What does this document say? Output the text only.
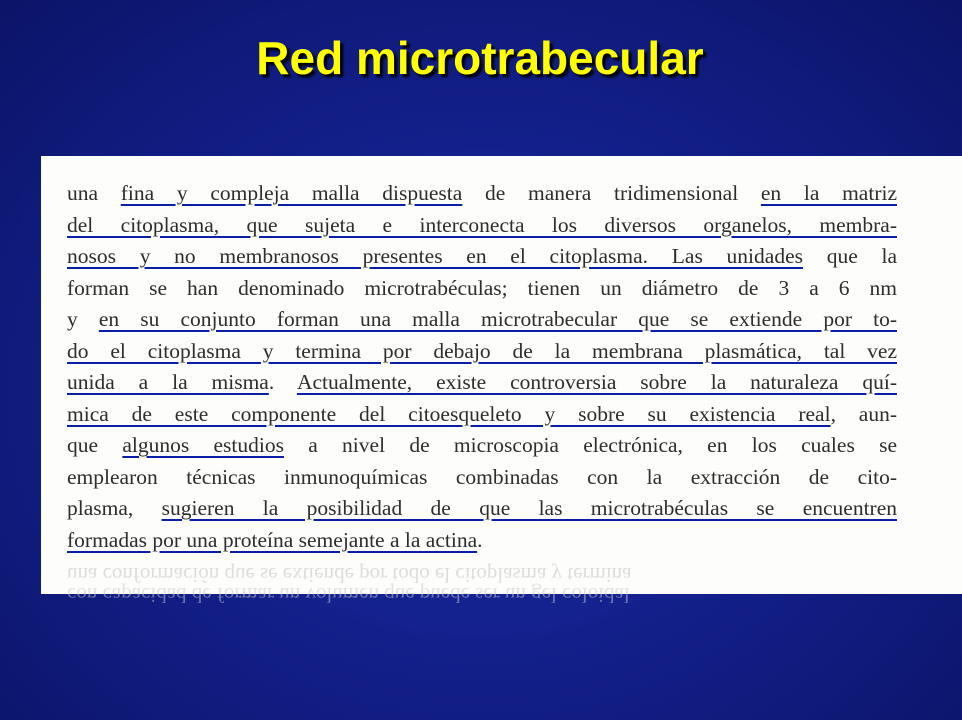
Red microtrabecular
una fina y compleja malla dispuesta de manera tridimensional en la matriz
del citoplasma, que sujeta e interconecta los diversos organelos, membra-
nosos y no membranosos presentes en el citoplasma. Las unidades que la
forman se han denominado microtrabéculas; tienen un diámetro de 3 a 6 nm
y en su conjunto forman una malla microtrabecular que se extiende por to-
do el citoplasma y termina por debajo de la membrana plasmática, tal vez
unida a la misma. Actualmente, existe controversia sobre la naturaleza quí-
mica de este componente del citoesqueleto y sobre su existencia real, aun-
que algunos estudios a nivel de microscopia electrónica, en los cuales se
emplearon técnicas inmunoquímicas combinadas con la extracción de cito-
plasma, sugieren la posibilidad de que las microtrabéculas se encuentren
formadas por una proteína semejante a la actina.
una conformación que se extiende por todo el citoplasma y termina
con capacidad de formar un volumen que puede ser un gel coloidal
